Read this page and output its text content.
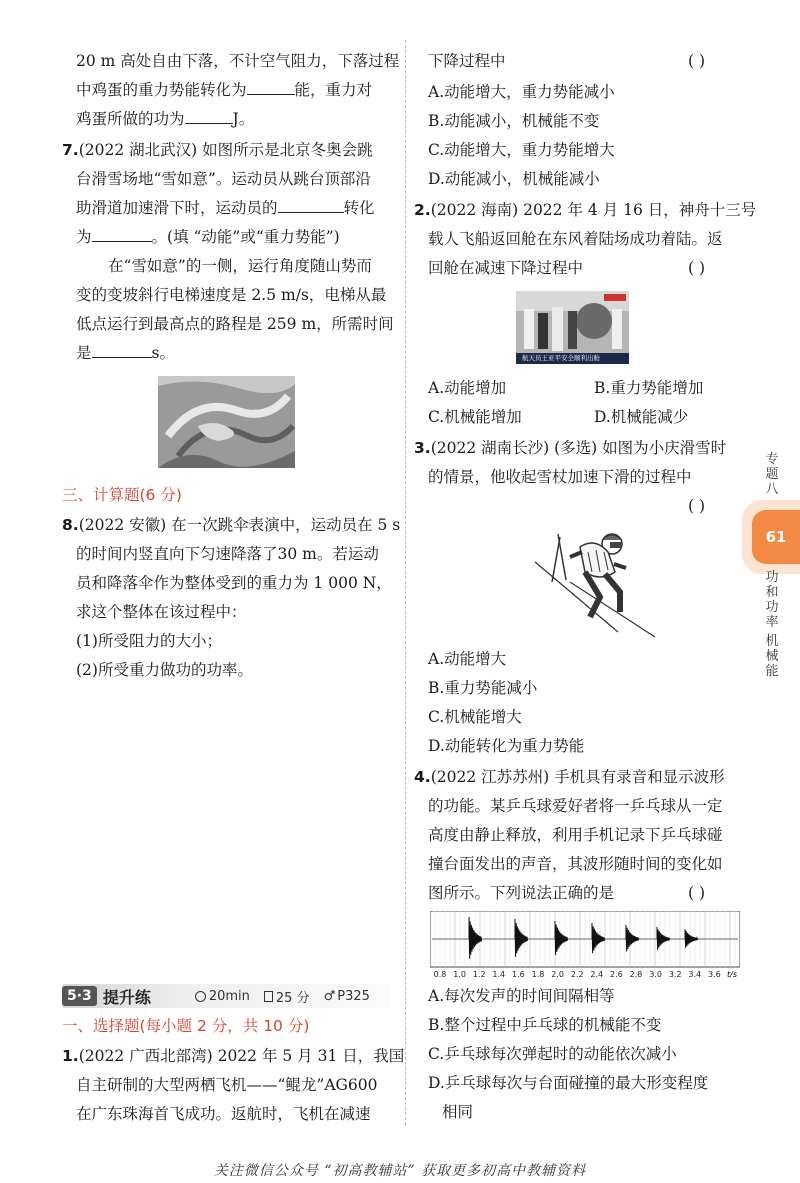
20 m 高处自由下落，不计空气阻力，下落过程
中鸡蛋的重力势能转化为	能，重力对
鸡蛋所做的功为	J。
7.(2022 湖北武汉) 如图所示是北京冬奥会跳
台滑雪场地“雪如意”。运动员从跳台顶部沿
助滑道加速滑下时，运动员的	转化
为	。(填 “动能”或“重力势能”)
在“雪如意”的一侧，运行角度随山势而
变的变坡斜行电梯速度是 2.5 m/s，电梯从最
低点运行到最高点的路程是 259 m，所需时间
是	s。
三、计算题(6 分)
8.(2022 安徽) 在一次跳伞表演中，运动员在 5 s
的时间内竖直向下匀速降落了30 m。若运动
员和降落伞作为整体受到的重力为 1 000 N，
求这个整体在该过程中：
(1)所受阻力的大小；
(2)所受重力做功的功率。
5·3 提升练	20min 25 分 ♂ P325
一、选择题(每小题 2 分，共 10 分)
1.(2022 广西北部湾) 2022 年 5 月 31 日，我国
自主研制的大型两栖飞机——“鲲龙”AG600
在广东珠海首飞成功。返航时，飞机在减速
下降过程中	( )
A.动能增大，重力势能减小
B.动能减小，机械能不变
C.动能增大，重力势能增大
D.动能减小，机械能减小
2.(2022 海南) 2022 年 4 月 16 日，神舟十三号
载人飞船返回舱在东风着陆场成功着陆。返
回舱在减速下降过程中	( )
航天员王亚平安全顺利出舱
A.动能增加	B.重力势能增加
C.机械能增加	D.机械能减少
3.(2022 湖南长沙) (多选) 如图为小庆滑雪时
的情景，他收起雪杖加速下滑的过程中
( )
A.动能增大
B.重力势能减小
C.机械能增大
D.动能转化为重力势能
4.(2022 江苏苏州) 手机具有录音和显示波形
的功能。某乒乓球爱好者将一乒乓球从一定
高度由静止释放，利用手机记录下乒乓球碰
撞台面发出的声音，其波形随时间的变化如
图所示。下列说法正确的是	( )
0.8 1.0 1.2 1.4 1.6 1.8 2.0 2.2 2.4 2.6 2.8 3.0 3.2 3.4 3.6 t/s
A.每次发声的时间间隔相等
B.整个过程中乒乓球的机械能不变
C.乒乓球每次弹起时的动能依次减小
D.乒乓球每次与台面碰撞的最大形变程度
相同
专
题
八
61
功
和
功
率
机
械
能
关注微信公众号 “初高教辅站” 获取更多初高中教辅资料
